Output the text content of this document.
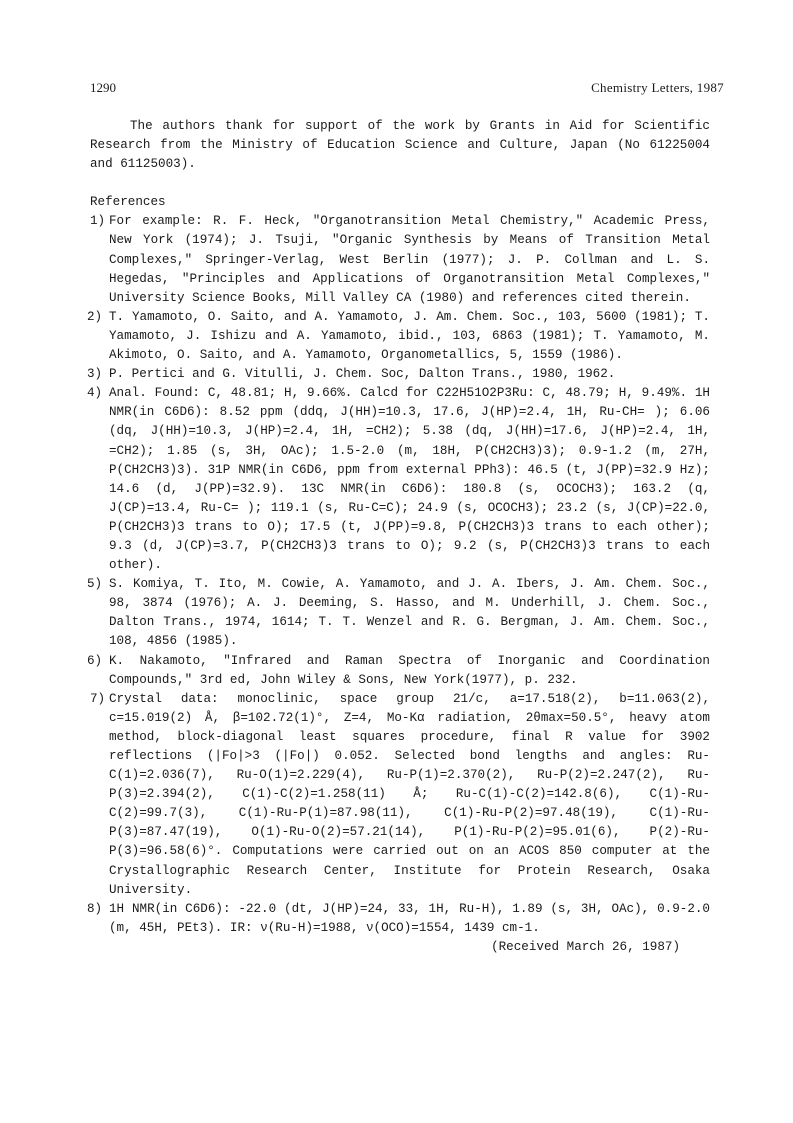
1290	Chemistry Letters, 1987

The authors thank for support of the work by Grants in Aid for Scientific Research from the Ministry of Education Science and Culture, Japan (No 61225004 and 61125003).

References

1) For example: R. F. Heck, "Organotransition Metal Chemistry," Academic Press, New York (1974); J. Tsuji, "Organic Synthesis by Means of Transition Metal Complexes," Springer-Verlag, West Berlin (1977); J. P. Collman and L. S. Hegedas, "Principles and Applications of Organotransition Metal Complexes," University Science Books, Mill Valley CA (1980) and references cited therein.

2) T. Yamamoto, O. Saito, and A. Yamamoto, J. Am. Chem. Soc., 103, 5600 (1981); T. Yamamoto, J. Ishizu and A. Yamamoto, ibid., 103, 6863 (1981); T. Yamamoto, M. Akimoto, O. Saito, and A. Yamamoto, Organometallics, 5, 1559 (1986).

3) P. Pertici and G. Vitulli, J. Chem. Soc, Dalton Trans., 1980, 1962.

4) Anal. Found: C, 48.81; H, 9.66%. Calcd for C22H51O2P3Ru: C, 48.79; H, 9.49%. 1H NMR(in C6D6): 8.52 ppm (ddq, J(HH)=10.3, 17.6, J(HP)=2.4, 1H, Ru-CH= ); 6.06 (dq, J(HH)=10.3, J(HP)=2.4, 1H, =CH2); 5.38 (dq, J(HH)=17.6, J(HP)=2.4, 1H, =CH2); 1.85 (s, 3H, OAc); 1.5-2.0 (m, 18H, P(CH2CH3)3); 0.9-1.2 (m, 27H, P(CH2CH3)3). 31P NMR(in C6D6, ppm from external PPh3): 46.5 (t, J(PP)=32.9 Hz); 14.6 (d, J(PP)=32.9). 13C NMR(in C6D6): 180.8 (s, OCOCH3); 163.2 (q, J(CP)=13.4, Ru-C= ); 119.1 (s, Ru-C=C); 24.9 (s, OCOCH3); 23.2 (s, J(CP)=22.0, P(CH2CH3)3 trans to O); 17.5 (t, J(PP)=9.8, P(CH2CH3)3 trans to each other); 9.3 (d, J(CP)=3.7, P(CH2CH3)3 trans to O); 9.2 (s, P(CH2CH3)3 trans to each other).

5) S. Komiya, T. Ito, M. Cowie, A. Yamamoto, and J. A. Ibers, J. Am. Chem. Soc., 98, 3874 (1976); A. J. Deeming, S. Hasso, and M. Underhill, J. Chem. Soc., Dalton Trans., 1974, 1614; T. T. Wenzel and R. G. Bergman, J. Am. Chem. Soc., 108, 4856 (1985).

6) K. Nakamoto, "Infrared and Raman Spectra of Inorganic and Coordination Compounds," 3rd ed, John Wiley & Sons, New York(1977), p. 232.

7) Crystal data: monoclinic, space group 21/c, a=17.518(2), b=11.063(2), c=15.019(2) Å, β=102.72(1)°, Z=4, Mo-Kα radiation, 2θmax=50.5°, heavy atom method, block-diagonal least squares procedure, final R value for 3902 reflections (|Fo|>3 (|Fo|) 0.052. Selected bond lengths and angles: Ru-C(1)=2.036(7), Ru-O(1)=2.229(4), Ru-P(1)=2.370(2), Ru-P(2)=2.247(2), Ru-P(3)=2.394(2), C(1)-C(2)=1.258(11) Å; Ru-C(1)-C(2)=142.8(6), C(1)-Ru-C(2)=99.7(3), C(1)-Ru-P(1)=87.98(11), C(1)-Ru-P(2)=97.48(19), C(1)-Ru-P(3)=87.47(19), O(1)-Ru-O(2)=57.21(14), P(1)-Ru-P(2)=95.01(6), P(2)-Ru-P(3)=96.58(6)°. Computations were carried out on an ACOS 850 computer at the Crystallographic Research Center, Institute for Protein Research, Osaka University.

8) 1H NMR(in C6D6): -22.0 (dt, J(HP)=24, 33, 1H, Ru-H), 1.89 (s, 3H, OAc), 0.9-2.0 (m, 45H, PEt3). IR: ν(Ru-H)=1988, ν(OCO)=1554, 1439 cm-1.

(Received March 26, 1987)
